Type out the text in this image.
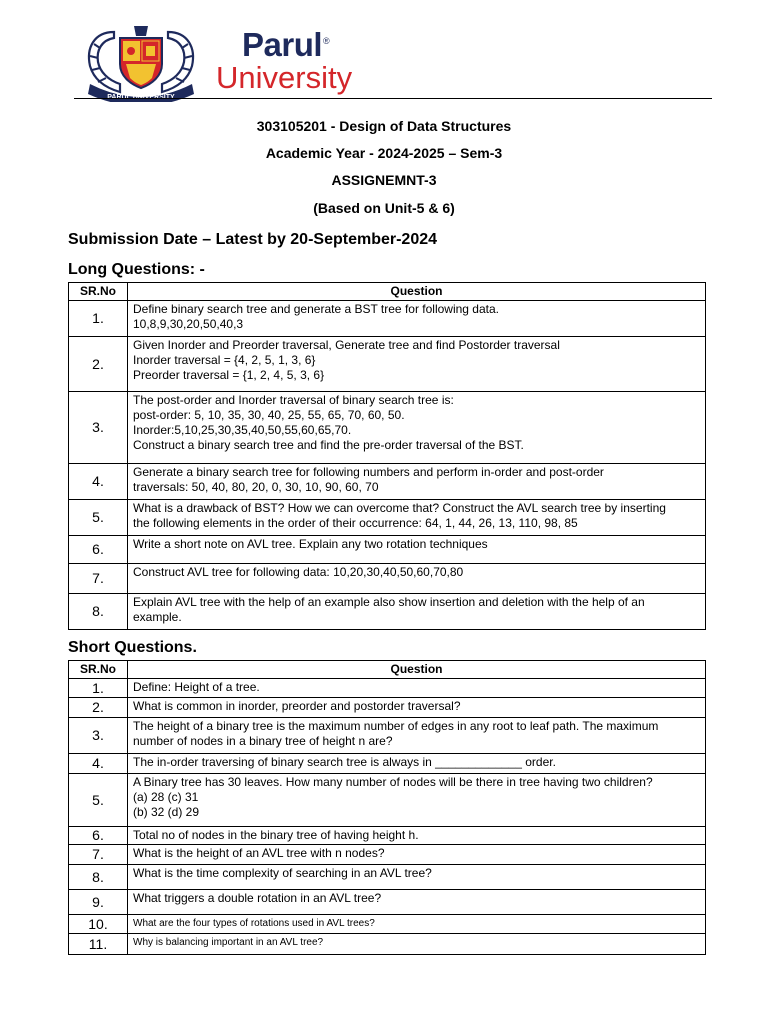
PARUL UNIVERSITY
Parul®
University
303105201 - Design of Data Structures
Academic Year - 2024-2025 – Sem-3
ASSIGNEMNT-3
(Based on Unit-5 & 6)
Submission Date – Latest by 20-September-2024
Long Questions: -
SR.No	Question
1.	Define binary search tree and generate a BST tree for following data.
10,8,9,30,20,50,40,3

2.	Given Inorder and Preorder traversal, Generate tree and find Postorder traversal
Inorder traversal = {4, 2, 5, 1, 3, 6}
Preorder traversal = {1, 2, 4, 5, 3, 6}

3.	The post-order and Inorder traversal of binary search tree is:
post-order: 5, 10, 35, 30, 40, 25, 55, 65, 70, 60, 50.
Inorder:5,10,25,30,35,40,50,55,60,65,70.
Construct a binary search tree and find the pre-order traversal of the BST.

4.	Generate a binary search tree for following numbers and perform in-order and post-order
traversals: 50, 40, 80, 20, 0, 30, 10, 90, 60, 70

5.	What is a drawback of BST? How we can overcome that? Construct the AVL search tree by inserting
the following elements in the order of their occurrence: 64, 1, 44, 26, 13, 110, 98, 85

6.	Write a short note on AVL tree. Explain any two rotation techniques

7.	Construct AVL tree for following data: 10,20,30,40,50,60,70,80

8.	Explain AVL tree with the help of an example also show insertion and deletion with the help of an
example.
Short Questions.
SR.No	Question
1.	Define: Height of a tree.

2.	What is common in inorder, preorder and postorder traversal?

3.	The height of a binary tree is the maximum number of edges in any root to leaf path. The maximum
number of nodes in a binary tree of height n are?

4.	The in-order traversing of binary search tree is always in _____________ order.

5.	A Binary tree has 30 leaves. How many number of nodes will be there in tree having two children?
(a) 28 (c) 31
(b) 32 (d) 29

6.	Total no of nodes in the binary tree of having height h.

7.	What is the height of an AVL tree with n nodes?

8.	What is the time complexity of searching in an AVL tree?

9.	What triggers a double rotation in an AVL tree?

10.	What are the four types of rotations used in AVL trees?

11.	Why is balancing important in an AVL tree?
